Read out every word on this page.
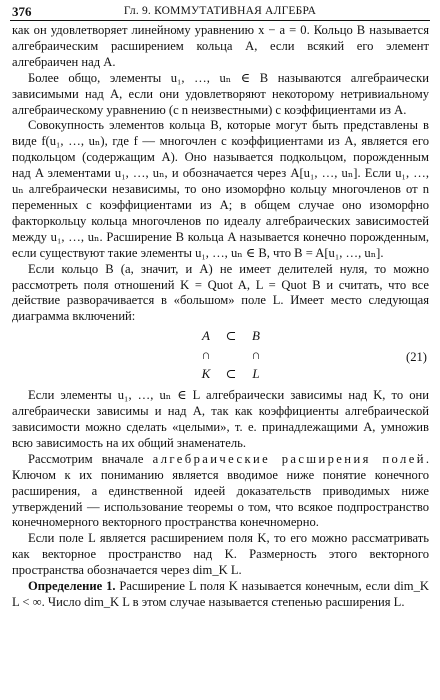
376	Гл. 9. КОММУТАТИВНАЯ АЛГЕБРА

как он удовлетворяет линейному уравнению x − a = 0. Кольцо B называется алгебраическим расширением кольца A, если всякий его элемент алгебраичен над A.

Более общо, элементы u₁, …, uₙ ∈ B называются алгебраически зависимыми над A, если они удовлетворяют некоторому нетривиальному алгебраическому уравнению (с n неизвестными) с коэффициентами из A.

Совокупность элементов кольца B, которые могут быть представлены в виде f(u₁, …, uₙ), где f — многочлен с коэффициентами из A, является его подкольцом (содержащим A). Оно называется подкольцом, порожденным над A элементами u₁, …, uₙ, и обозначается через A[u₁, …, uₙ]. Если u₁, …, uₙ алгебраически независимы, то оно изоморфно кольцу многочленов от n переменных с коэффициентами из A; в общем случае оно изоморфно факторкольцу кольца многочленов по идеалу алгебраических зависимостей между u₁, …, uₙ. Расширение B кольца A называется конечно порожденным, если существуют такие элементы u₁, …, uₙ ∈ B, что B = A[u₁, …, uₙ].

Если кольцо B (а, значит, и A) не имеет делителей нуля, то можно рассмотреть поля отношений K = Quot A, L = Quot B и считать, что все действие разворачивается в «большом» поле L. Имеет место следующая диаграмма включений:

A ⊂ B
∩	∩
K ⊂ L
(21)

Если элементы u₁, …, uₙ ∈ L алгебраически зависимы над K, то они алгебраически зависимы и над A, так как коэффициенты алгебраической зависимости можно сделать «целыми», т. е. принадлежащими A, умножив всю зависимость на их общий знаменатель.

Рассмотрим вначале алгебраические расширения полей. Ключом к их пониманию является вводимое ниже понятие конечного расширения, а единственной идеей доказательств приводимых ниже утверждений — использование теоремы о том, что всякое подпространство конечномерного векторного пространства конечномерно.

Если поле L является расширением поля K, то его можно рассматривать как векторное пространство над K. Размерность этого векторного пространства обозначается через dim_K L.

Определение 1. Расширение L поля K называется конечным, если dim_K L < ∞. Число dim_K L в этом случае называется степенью расширения L.
